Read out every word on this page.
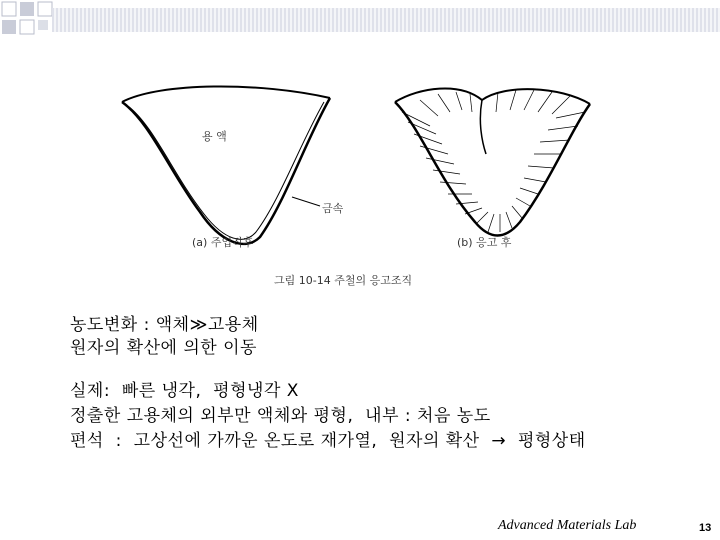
용 액
금속
(a) 주입직후	(b) 응고 후
그림 10-14 주철의 응고조직
농도변화 : 액체≫고용체
원자의 확산에 의한 이동
실제:  빠른 냉각,  평형냉각 X
정출한 고용체의 외부만 액체와 평형,  내부 : 처음 농도
편석  :  고상선에 가까운 온도로 재가열,  원자의 확산  →  평형상태
Advanced Materials Lab	13
